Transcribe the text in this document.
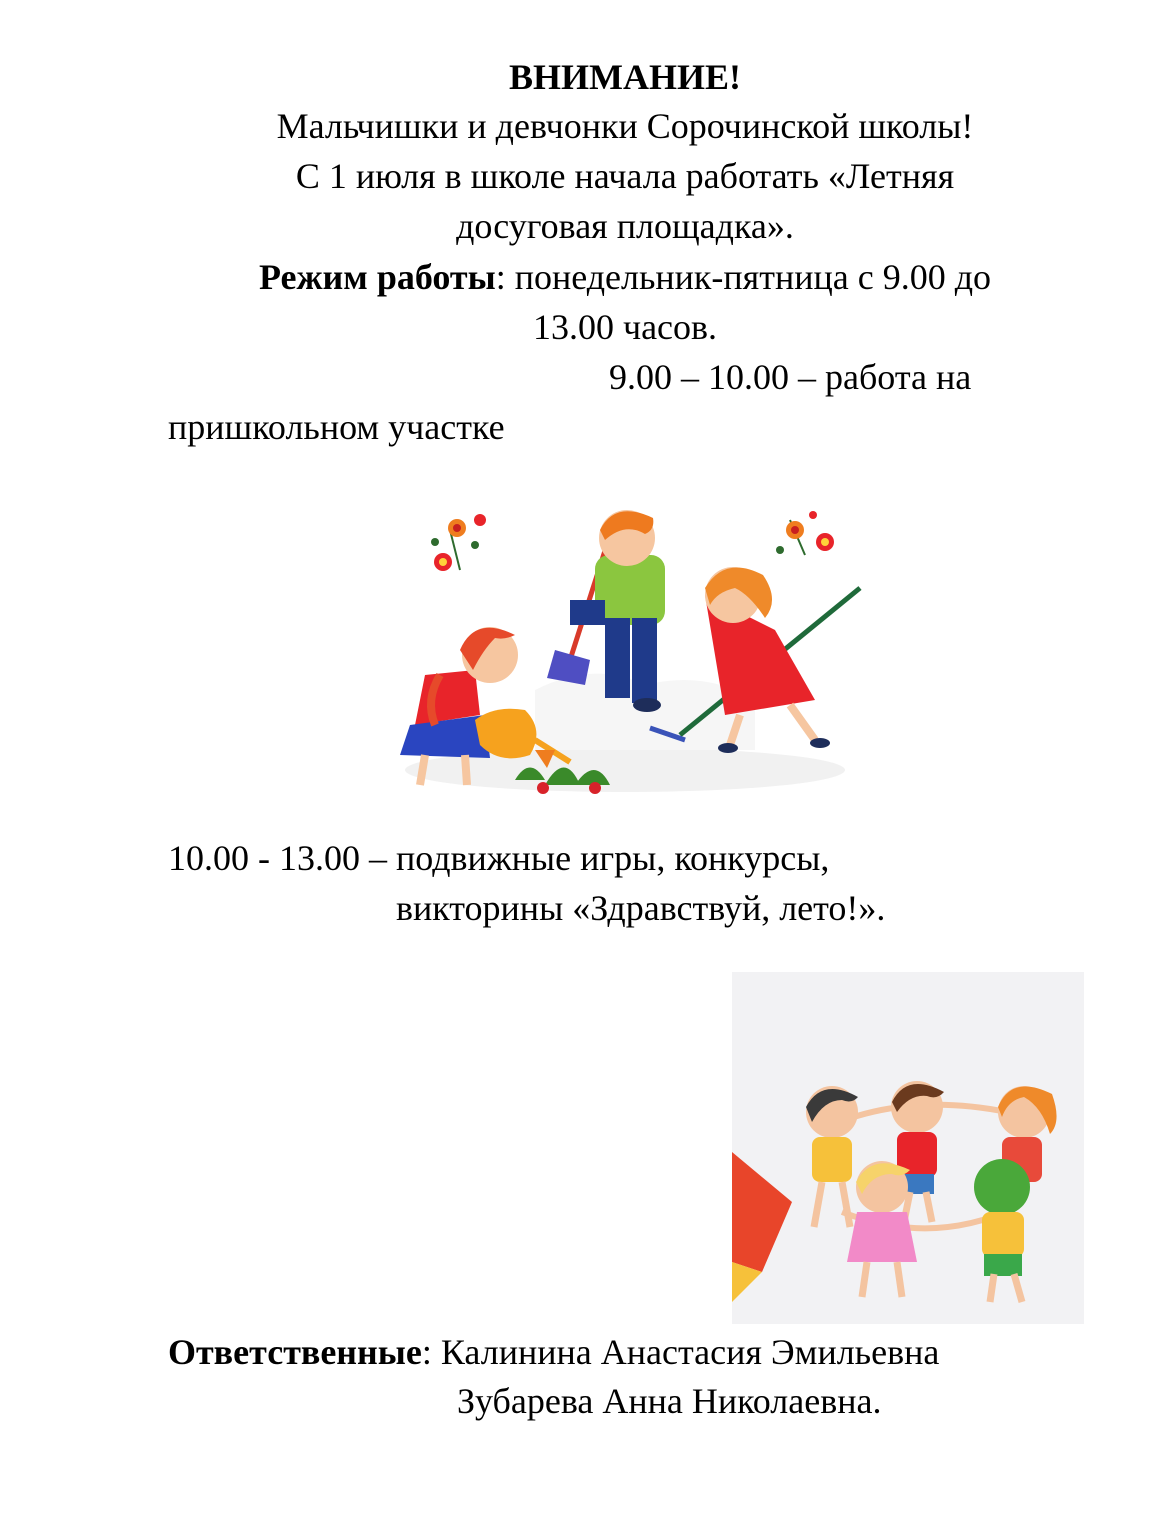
ВНИМАНИЕ!
Мальчишки и девчонки Сорочинской школы!
С 1 июля в школе начала работать «Летняя
досуговая площадка».
Режим работы: понедельник-пятница с 9.00 до
13.00 часов.
9.00 – 10.00 – работа на
пришкольном участке
10.00 - 13.00 – подвижные игры, конкурсы,
викторины «Здравствуй, лето!».
Ответственные: Калинина Анастасия Эмильевна
Зубарева Анна Николаевна.
